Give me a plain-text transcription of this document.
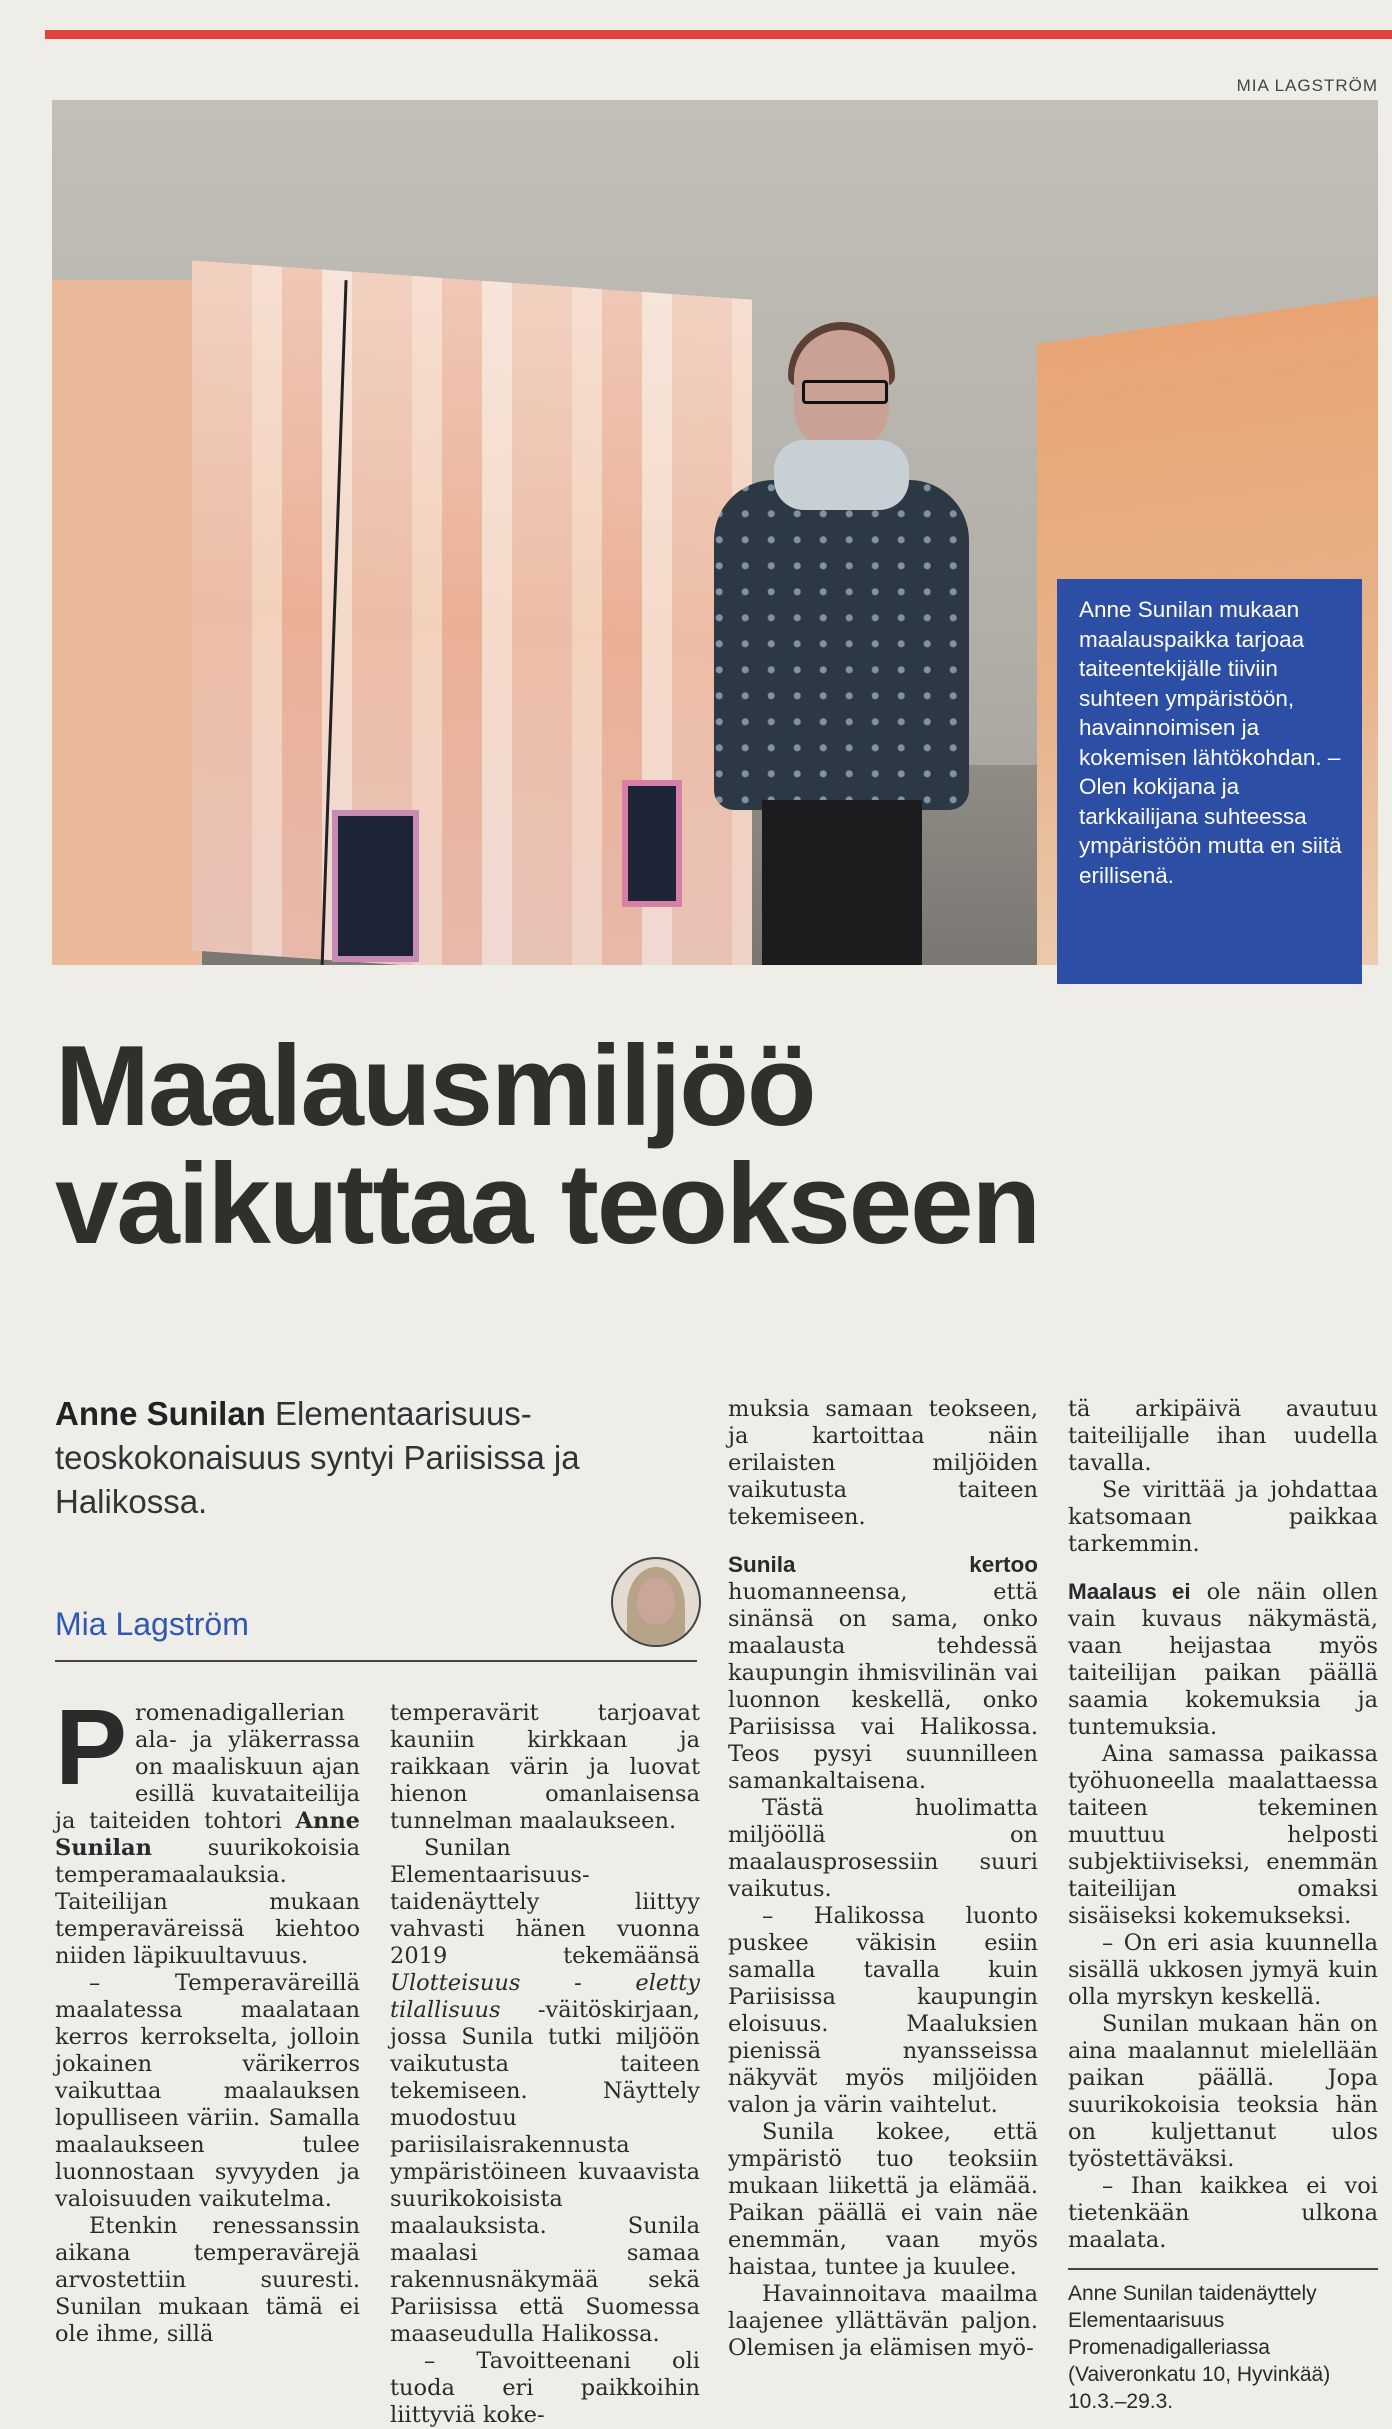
MIA LAGSTRÖM
Anne Sunilan mukaan maalauspaikka tarjoaa taiteentekijälle tiiviin suhteen ympäristöön, havainnoimisen ja kokemisen lähtökohdan. – Olen kokijana ja tarkkailijana suhteessa ympäristöön mutta en siitä erillisenä.
Maalausmiljöö
vaikuttaa teokseen
Anne Sunilan Elementaarisuus-teoskokonaisuus syntyi Pariisissa ja Halikossa.
Mia Lagström

Promenadigallerian ala- ja yläkerrassa on maaliskuun ajan esillä kuvataiteilija ja taiteiden tohtori Anne Sunilan suurikokoisia temperamaalauksia. Taiteilijan mukaan temperaväreissä kiehtoo niiden läpikuultavuus.

– Temperaväreillä maalatessa maalataan kerros kerrokselta, jolloin jokainen värikerros vaikuttaa maalauksen lopulliseen väriin. Samalla maalaukseen tulee luonnostaan syvyyden ja valoisuuden vaikutelma.

Etenkin renessanssin aikana temperavärejä arvostettiin suuresti. Sunilan mukaan tämä ei ole ihme, sillä

temperavärit tarjoavat kauniin kirkkaan ja raikkaan värin ja luovat hienon omanlaisensa tunnelman maalaukseen.

Sunilan Elementaarisuus-taidenäyttely liittyy vahvasti hänen vuonna 2019 tekemäänsä Ulotteisuus - eletty tilallisuus -väitöskirjaan, jossa Sunila tutki miljöön vaikutusta taiteen tekemiseen. Näyttely muodostuu pariisilaisrakennusta ympäristöineen kuvaavista suurikokoisista maalauksista. Sunila maalasi samaa rakennusnäkymää sekä Pariisissa että Suomessa maaseudulla Halikossa.

– Tavoitteenani oli tuoda eri paikkoihin liittyviä koke-

muksia samaan teokseen, ja kartoittaa näin erilaisten miljöiden vaikutusta taiteen tekemiseen.

Sunila kertoo huomanneensa, että sinänsä on sama, onko maalausta tehdessä kaupungin ihmisvilinän vai luonnon keskellä, onko Pariisissa vai Halikossa. Teos pysyi suunnilleen samankaltaisena.

Tästä huolimatta miljööllä on maalausprosessiin suuri vaikutus.

– Halikossa luonto puskee väkisin esiin samalla tavalla kuin Pariisissa kaupungin eloisuus. Maaluksien pienissä nyansseissa näkyvät myös miljöiden valon ja värin vaihtelut.

Sunila kokee, että ympäristö tuo teoksiin mukaan liikettä ja elämää. Paikan päällä ei vain näe enemmän, vaan myös haistaa, tuntee ja kuulee.

Havainnoitava maailma laajenee yllättävän paljon. Olemisen ja elämisen myö-

tä arkipäivä avautuu taiteilijalle ihan uudella tavalla.

Se virittää ja johdattaa katsomaan paikkaa tarkemmin.

Maalaus ei ole näin ollen vain kuvaus näkymästä, vaan heijastaa myös taiteilijan paikan päällä saamia kokemuksia ja tuntemuksia.

Aina samassa paikassa työhuoneella maalattaessa taiteen tekeminen muuttuu helposti subjektiiviseksi, enemmän taiteilijan omaksi sisäiseksi kokemukseksi.

– On eri asia kuunnella sisällä ukkosen jymyä kuin olla myrskyn keskellä.

Sunilan mukaan hän on aina maalannut mielellään paikan päällä. Jopa suurikokoisia teoksia hän on kuljettanut ulos työstettäväksi.

– Ihan kaikkea ei voi tietenkään ulkona maalata.

Anne Sunilan taidenäyttely Elementaarisuus Promenadigalleriassa (Vaiveronkatu 10, Hyvinkää) 10.3.–29.3.
